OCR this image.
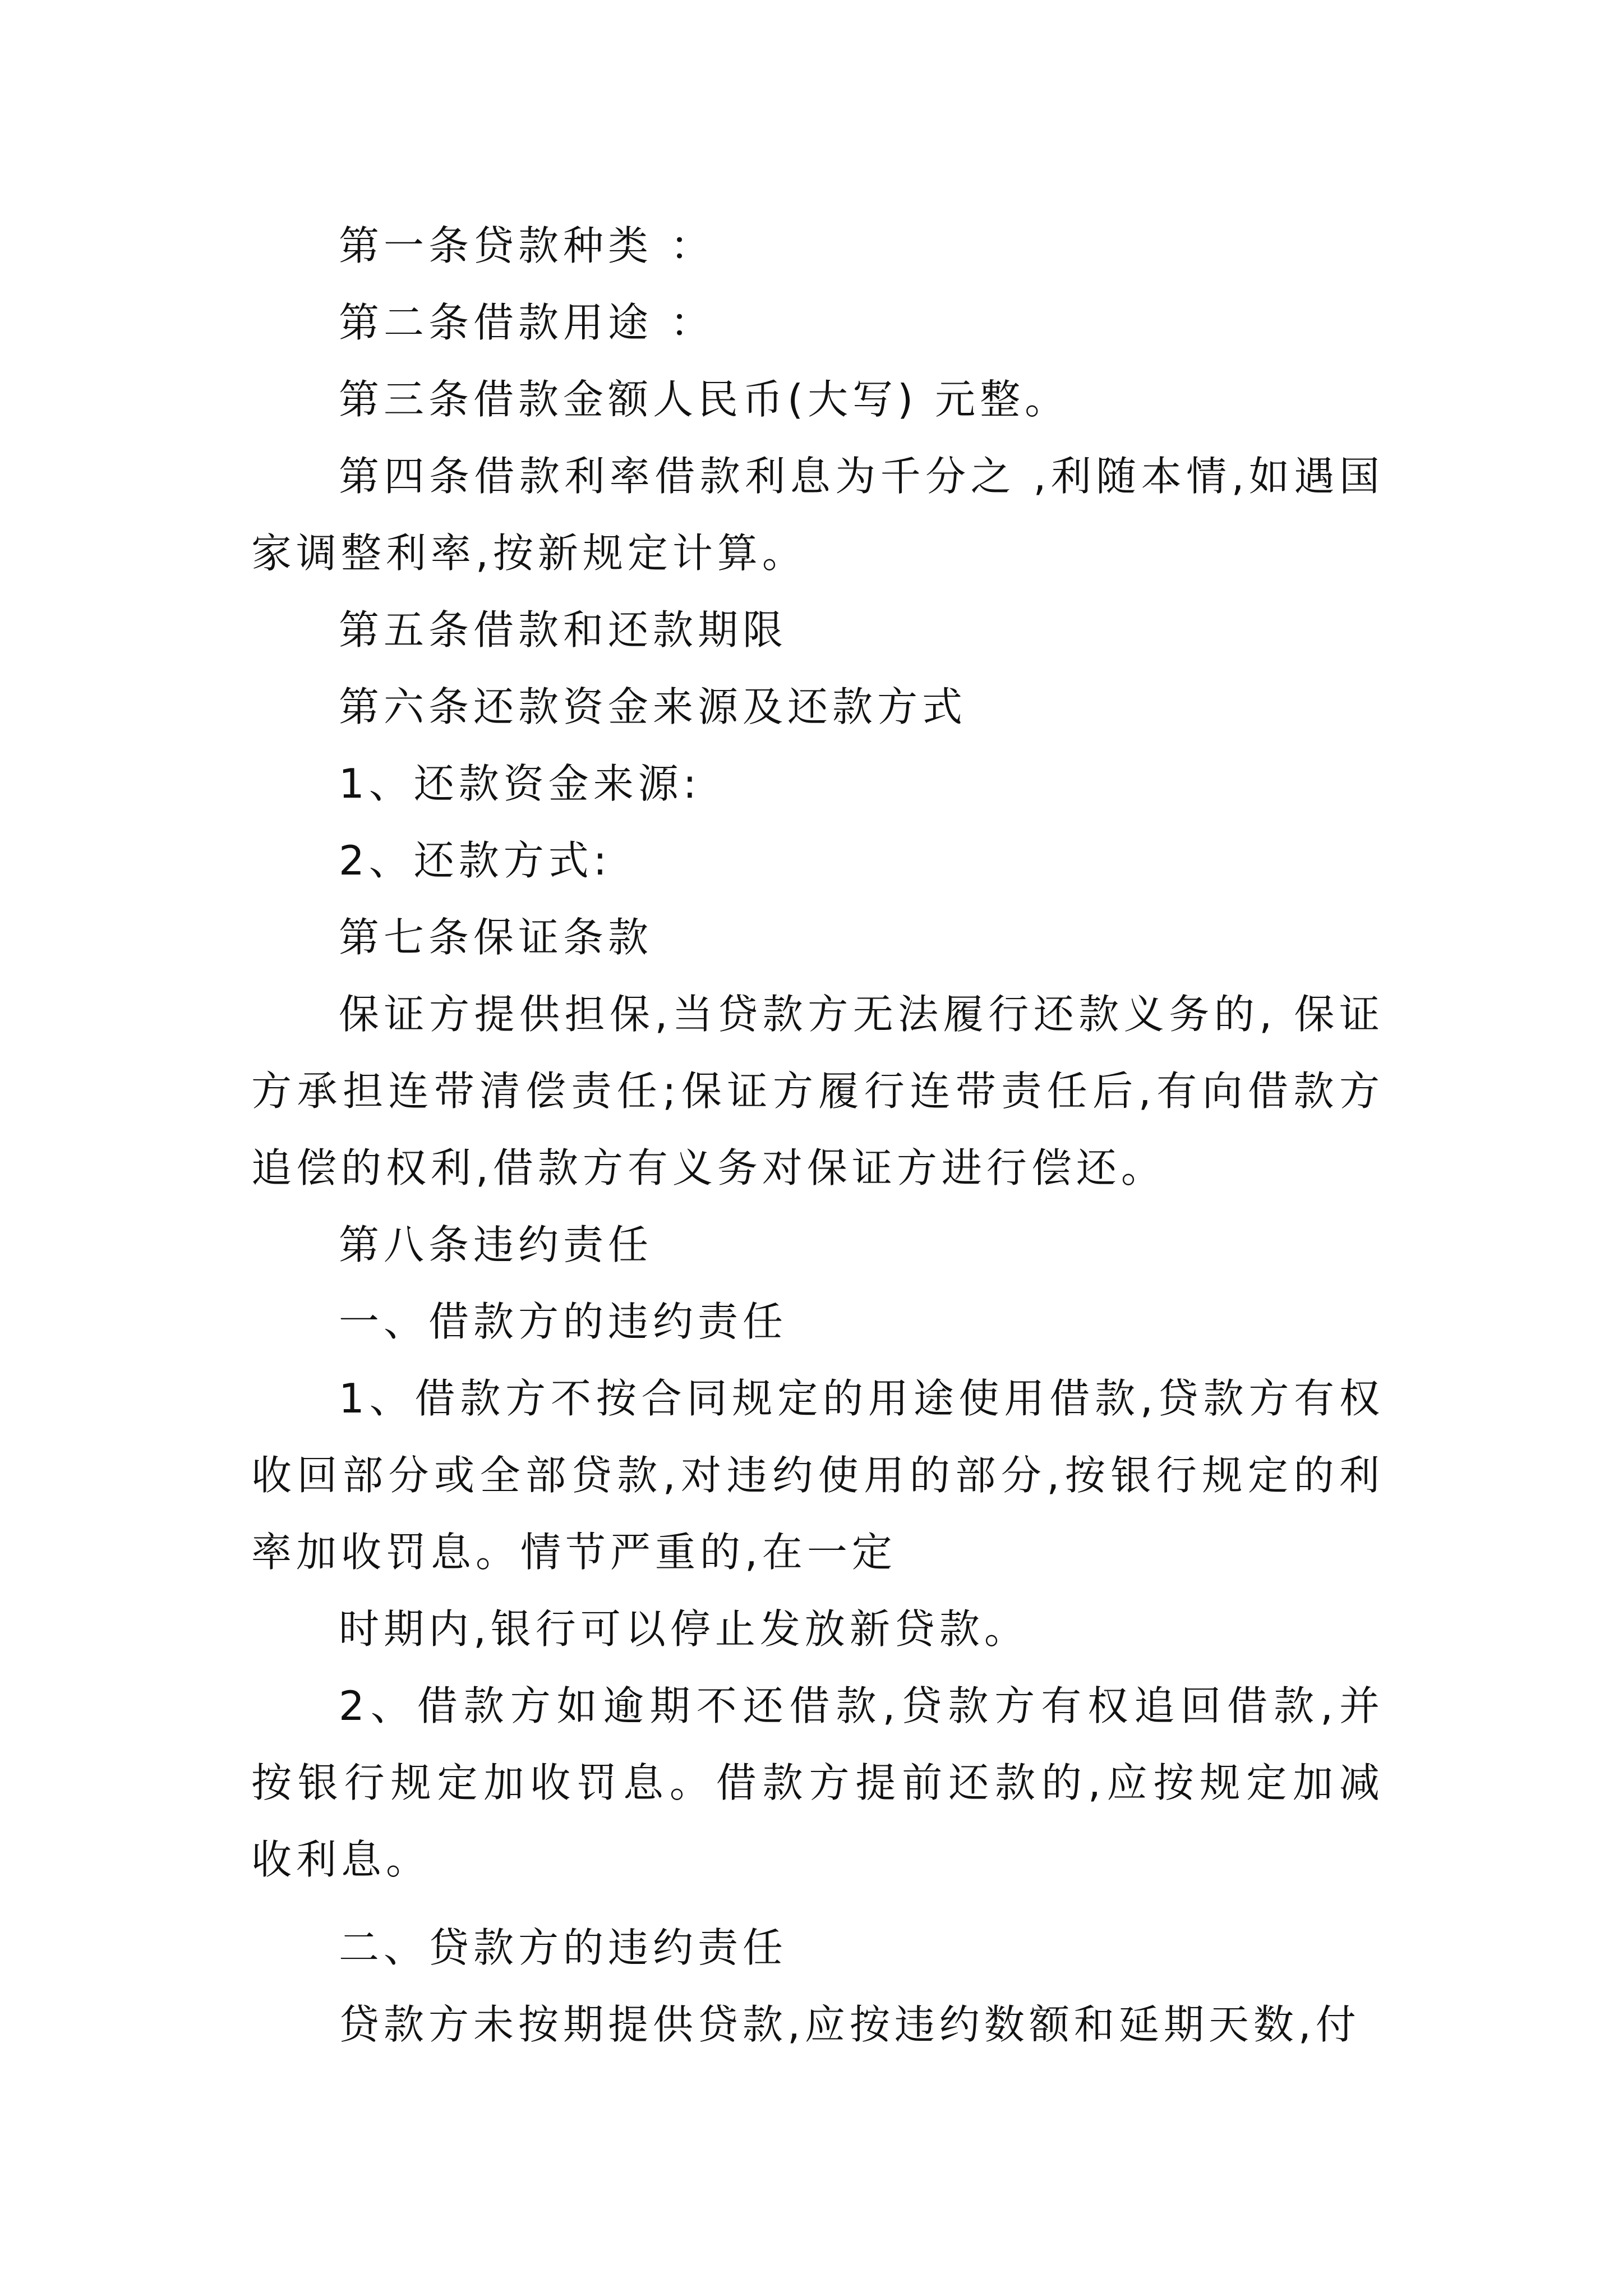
第一条贷款种类 ：

第二条借款用途 ：

第三条借款金额人民币(大写) 元整。

第四条借款利率借款利息为千分之 ,利随本情,如遇国家调整利率,按新规定计算。

第五条借款和还款期限

第六条还款资金来源及还款方式

1、还款资金来源:

2、还款方式:

第七条保证条款

保证方提供担保,当贷款方无法履行还款义务的, 保证方承担连带清偿责任;保证方履行连带责任后,有向借款方追偿的权利,借款方有义务对保证方进行偿还。

第八条违约责任

一、借款方的违约责任

1、借款方不按合同规定的用途使用借款,贷款方有权收回部分或全部贷款,对违约使用的部分,按银行规定的利率加收罚息。情节严重的,在一定

时期内,银行可以停止发放新贷款。

2、借款方如逾期不还借款,贷款方有权追回借款,并按银行规定加收罚息。借款方提前还款的,应按规定加减收利息。

二、贷款方的违约责任

贷款方未按期提供贷款,应按违约数额和延期天数,付
